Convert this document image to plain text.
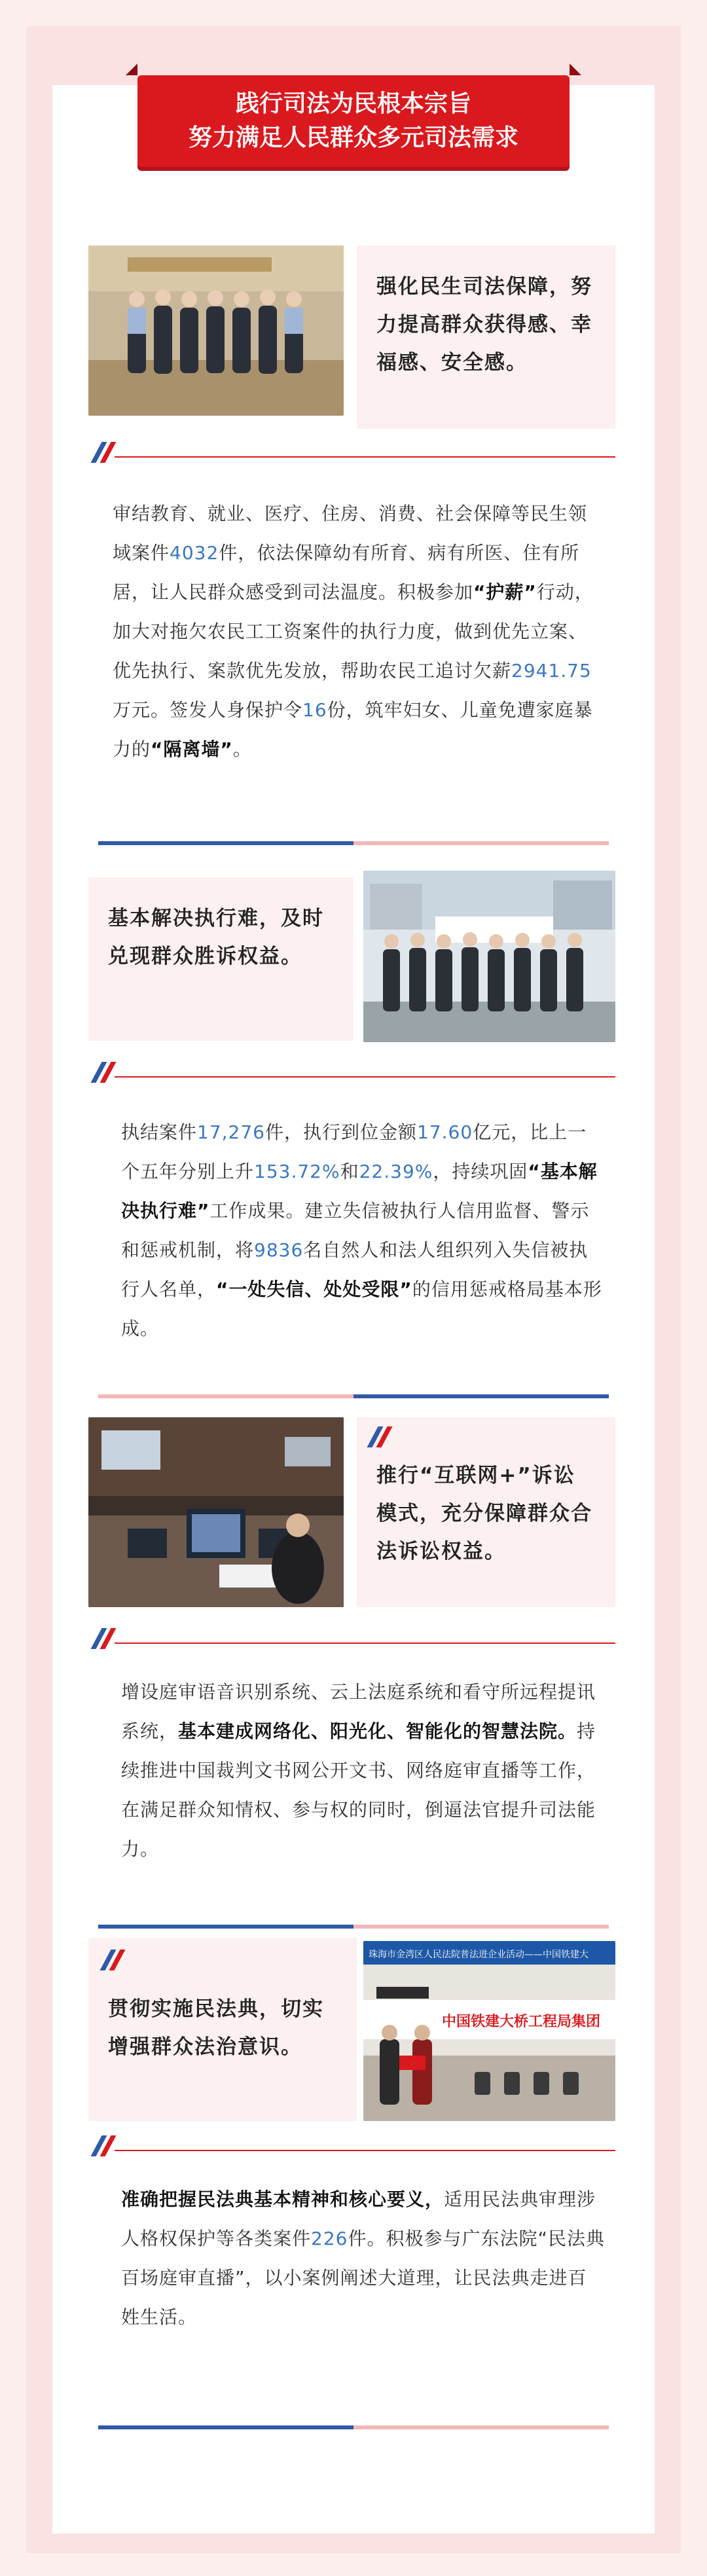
践行司法为民根本宗旨
努力满足人民群众多元司法需求
强化民生司法保障，努力提高群众获得感、幸福感、安全感。
审结教育、就业、医疗、住房、消费、社会保障等民生领域案件4032件，依法保障幼有所育、病有所医、住有所居，让人民群众感受到司法温度。积极参加“护薪”行动，加大对拖欠农民工工资案件的执行力度，做到优先立案、优先执行、案款优先发放，帮助农民工追讨欠薪2941.75万元。签发人身保护令16份，筑牢妇女、儿童免遭家庭暴力的“隔离墙”。
基本解决执行难，及时兑现群众胜诉权益。
执结案件17,276件，执行到位金额17.60亿元，比上一个五年分别上升153.72%和22.39%，持续巩固“基本解决执行难”工作成果。建立失信被执行人信用监督、警示和惩戒机制，将9836名自然人和法人组织列入失信被执行人名单，“一处失信、处处受限”的信用惩戒格局基本形成。
推行“互联网+”诉讼模式，充分保障群众合法诉讼权益。
增设庭审语音识别系统、云上法庭系统和看守所远程提讯系统，基本建成网络化、阳光化、智能化的智慧法院。持续推进中国裁判文书网公开文书、网络庭审直播等工作，在满足群众知情权、参与权的同时，倒逼法官提升司法能力。
贯彻实施民法典，切实增强群众法治意识。
珠海市金湾区人民法院普法进企业活动——中国铁建大
中国铁建大桥工程局集团
准确把握民法典基本精神和核心要义，适用民法典审理涉人格权保护等各类案件226件。积极参与广东法院“民法典百场庭审直播”，以小案例阐述大道理，让民法典走进百姓生活。
